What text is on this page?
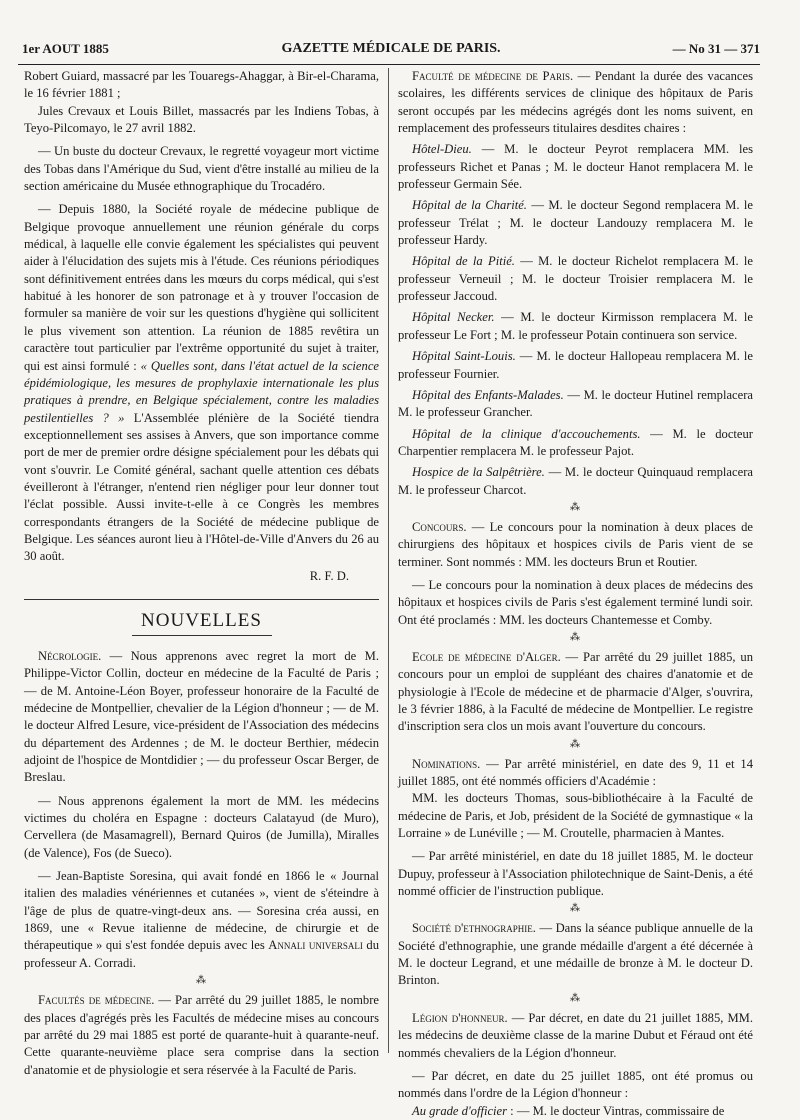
1er AOUT 1885	GAZETTE MÉDICALE DE PARIS.	— No 31 — 371

Robert Guiard, massacré par les Touaregs-Ahaggar, à Bir-el-Charama, le 16 février 1881 ;

Jules Crevaux et Louis Billet, massacrés par les Indiens Tobas, à Teyo-Pilcomayo, le 27 avril 1882.

— Un buste du docteur Crevaux, le regretté voyageur mort victime des Tobas dans l'Amérique du Sud, vient d'être installé au milieu de la section américaine du Musée ethnographique du Trocadéro.

— Depuis 1880, la Société royale de médecine publique de Belgique provoque annuellement une réunion générale du corps médical, à laquelle elle convie également les spécialistes qui peuvent aider à l'élucidation des sujets mis à l'étude. Ces réunions périodiques sont définitivement entrées dans les mœurs du corps médical, qui s'est habitué à les honorer de son patronage et à y trouver l'occasion de formuler sa manière de voir sur les questions d'hygiène qui sollicitent le plus vivement son attention. La réunion de 1885 revêtira un caractère tout particulier par l'extrême opportunité du sujet à traiter, qui est ainsi formulé : « Quelles sont, dans l'état actuel de la science épidémiologique, les mesures de prophylaxie internationale les plus pratiques à prendre, en Belgique spécialement, contre les maladies pestilentielles ? » L'Assemblée plénière de la Société tiendra exceptionnellement ses assises à Anvers, que son importance comme port de mer de premier ordre désigne spécialement pour les débats qui vont s'ouvrir. Le Comité général, sachant quelle attention ces débats éveilleront à l'étranger, n'entend rien négliger pour leur donner tout l'éclat possible. Aussi invite-t-elle à ce Congrès les membres correspondants étrangers de la Société de médecine publique de Belgique. Les séances auront lieu à l'Hôtel-de-Ville d'Anvers du 26 au 30 août.

R. F. D.

NOUVELLES

Nécrologie. — Nous apprenons avec regret la mort de M. Philippe-Victor Collin, docteur en médecine de la Faculté de Paris ; — de M. Antoine-Léon Boyer, professeur honoraire de la Faculté de médecine de Montpellier, chevalier de la Légion d'honneur ; — de M. le docteur Alfred Lesure, vice-président de l'Association des médecins du département des Ardennes ; de M. le docteur Berthier, médecin adjoint de l'hospice de Montdidier ; — du professeur Oscar Berger, de Breslau.

— Nous apprenons également la mort de MM. les médecins victimes du choléra en Espagne : docteurs Calatayud (de Muro), Cervellera (de Masamagrell), Bernard Quiros (de Jumilla), Miralles (de Valence), Fos (de Sueco).

— Jean-Baptiste Soresina, qui avait fondé en 1866 le « Journal italien des maladies vénériennes et cutanées », vient de s'éteindre à l'âge de plus de quatre-vingt-deux ans. — Soresina créa aussi, en 1869, une « Revue italienne de médecine, de chirurgie et de thérapeutique » qui s'est fondée depuis avec les Annali universali du professeur A. Corradi.

⁂

Facultés de médecine. — Par arrêté du 29 juillet 1885, le nombre des places d'agrégés près les Facultés de médecine mises au concours par arrêté du 29 mai 1885 est porté de quarante-huit à quarante-neuf. Cette quarante-neuvième place sera comprise dans la section d'anatomie et de physiologie et sera réservée à la Faculté de Paris.

Faculté de médecine de Paris. — Pendant la durée des vacances scolaires, les différents services de clinique des hôpitaux de Paris seront occupés par les médecins agrégés dont les noms suivent, en remplacement des professeurs titulaires desdites chaires :

Hôtel-Dieu. — M. le docteur Peyrot remplacera MM. les professeurs Richet et Panas ; M. le docteur Hanot remplacera M. le professeur Germain Sée.

Hôpital de la Charité. — M. le docteur Segond remplacera M. le professeur Trélat ; M. le docteur Landouzy remplacera M. le professeur Hardy.

Hôpital de la Pitié. — M. le docteur Richelot remplacera M. le professeur Verneuil ; M. le docteur Troisier remplacera M. le professeur Jaccoud.

Hôpital Necker. — M. le docteur Kirmisson remplacera M. le professeur Le Fort ; M. le professeur Potain continuera son service.

Hôpital Saint-Louis. — M. le docteur Hallopeau remplacera M. le professeur Fournier.

Hôpital des Enfants-Malades. — M. le docteur Hutinel remplacera M. le professeur Grancher.

Hôpital de la clinique d'accouchements. — M. le docteur Charpentier remplacera M. le professeur Pajot.

Hospice de la Salpêtrière. — M. le docteur Quinquaud remplacera M. le professeur Charcot.

⁂

Concours. — Le concours pour la nomination à deux places de chirurgiens des hôpitaux et hospices civils de Paris vient de se terminer. Sont nommés : MM. les docteurs Brun et Routier.

— Le concours pour la nomination à deux places de médecins des hôpitaux et hospices civils de Paris s'est également terminé lundi soir. Ont été proclamés : MM. les docteurs Chantemesse et Comby.

⁂

Ecole de médecine d'Alger. — Par arrêté du 29 juillet 1885, un concours pour un emploi de suppléant des chaires d'anatomie et de physiologie à l'Ecole de médecine et de pharmacie d'Alger, s'ouvrira, le 3 février 1886, à la Faculté de médecine de Montpellier. Le registre d'inscription sera clos un mois avant l'ouverture du concours.

⁂

Nominations. — Par arrêté ministériel, en date des 9, 11 et 14 juillet 1885, ont été nommés officiers d'Académie :

MM. les docteurs Thomas, sous-bibliothécaire à la Faculté de médecine de Paris, et Job, président de la Société de gymnastique « la Lorraine » de Lunéville ; — M. Croutelle, pharmacien à Mantes.

— Par arrêté ministériel, en date du 18 juillet 1885, M. le docteur Dupuy, professeur à l'Association philotechnique de Saint-Denis, a été nommé officier de l'instruction publique.

⁂

Société d'ethnographie. — Dans la séance publique annuelle de la Société d'ethnographie, une grande médaille d'argent a été décernée à M. le docteur Legrand, et une médaille de bronze à M. le docteur D. Brinton.

⁂

Légion d'honneur. — Par décret, en date du 21 juillet 1885, MM. les médecins de deuxième classe de la marine Dubut et Féraud ont été nommés chevaliers de la Légion d'honneur.

— Par décret, en date du 25 juillet 1885, ont été promus ou nommés dans l'ordre de la Légion d'honneur :

Au grade d'officier : — M. le docteur Vintras, commissaire de
